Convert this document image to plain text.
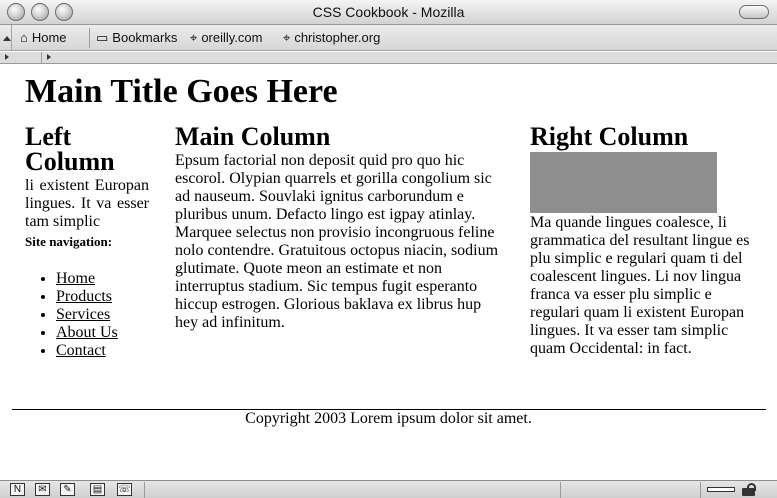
CSS Cookbook - Mozilla
⌂ Home ▭ Bookmarks ⌖ oreilly.com ⌖ christopher.org
Main Title Goes Here
Left Column

li existent Europan lingues. It va esser tam simplic

Site navigation:
• Home
• Products
• Services
• About Us
• Contact
Main Column

Epsum factorial non deposit quid pro quo hic escorol. Olypian quarrels et gorilla congolium sic ad nauseum. Souvlaki ignitus carborundum e pluribus unum. Defacto lingo est igpay atinlay. Marquee selectus non provisio incongruous feline nolo contendre. Gratuitous octopus niacin, sodium glutimate. Quote meon an estimate et non interruptus stadium. Sic tempus fugit esperanto hiccup estrogen. Glorious baklava ex librus hup hey ad infinitum.

Right Column

Ma quande lingues coalesce, li grammatica del resultant lingue es plu simplic e regulari quam ti del coalescent lingues. Li nov lingua franca va esser plu simplic e regulari quam li existent Europan lingues. It va esser tam simplic quam Occidental: in fact.

Copyright 2003 Lorem ipsum dolor sit amet.
N	✉	✎	▤ ☏
